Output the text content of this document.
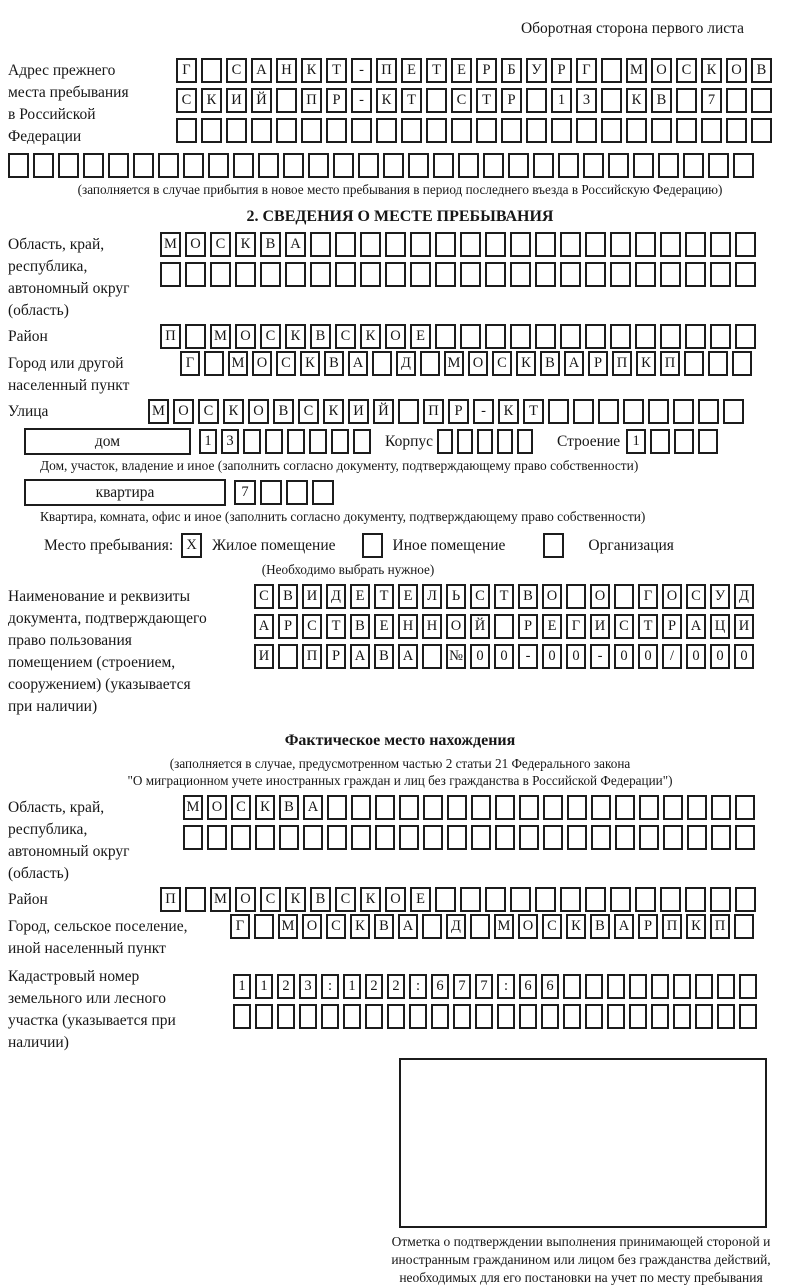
Оборотная сторона первого листа
Адрес прежнего места пребывания в Российской Федерации
Г	С	А	Н	К	Т	-	П	Е	Т	Е	Р	Б	У	Р	Г	М О	С	К	О	В
С	К	И	Й	П	Р	-	К	Т	С	Т	Р	1	3	К	В	7
(заполняется в случае прибытия в новое место пребывания в период последнего въезда в Российскую Федерацию)
2. СВЕДЕНИЯ О МЕСТЕ ПРЕБЫВАНИЯ
Область, край, республика, автономный округ (область)
М О	С	К	В	А
Район	П	М О	С	К	В	С	К	О	Е
Город или другой населенный пункт
Г	М О С К В А	Д	М О С К В А	Р	П К П
Улица	М О	С	К	О	В	С	К	И	Й	П	Р	-	К	Т
дом	1	3	Корпус	Строение 1
Дом, участок, владение и иное (заполнить согласно документу, подтверждающему право собственности)
квартира	7
Квартира, комната, офис и иное (заполнить согласно документу, подтверждающему право собственности)
Место пребывания: X Жилое помещение	Иное помещение	Организация
(Необходимо выбрать нужное)
Наименование и реквизиты документа, подтверждающего право пользования помещением (строением, сооружением) (указывается при наличии)
С В И Д	Е	Т	Е	Л	Ь	С	Т	В О	О	Г	О С У Д
А	Р	С	Т	В	Е Н Н О Й	Р	Е	Г	И С	Т	Р	А Ц И
И	П	Р	А В А	№ 0	0	-	0	0	-	0	0	/	0	0	0
Фактическое место нахождения
(заполняется в случае, предусмотренном частью 2 статьи 21 Федерального закона
"О миграционном учете иностранных граждан и лиц без гражданства в Российской Федерации")
Область, край, республика, автономный округ (область)
М О С К В А
Район	П	М О	С	К	В	С	К	О	Е
Город, сельское поселение, иной населенный пункт
Г	М О С К В А	Д	М О С К В А	Р	П К П
Кадастровый номер земельного или лесного участка (указывается при наличии)
1	1	2	3	:	1	2	2	:	6	7	7	:	6	6
Отметка о подтверждении выполнения принимающей стороной и иностранным гражданином или лицом без гражданства действий, необходимых для его постановки на учет по месту пребывания
